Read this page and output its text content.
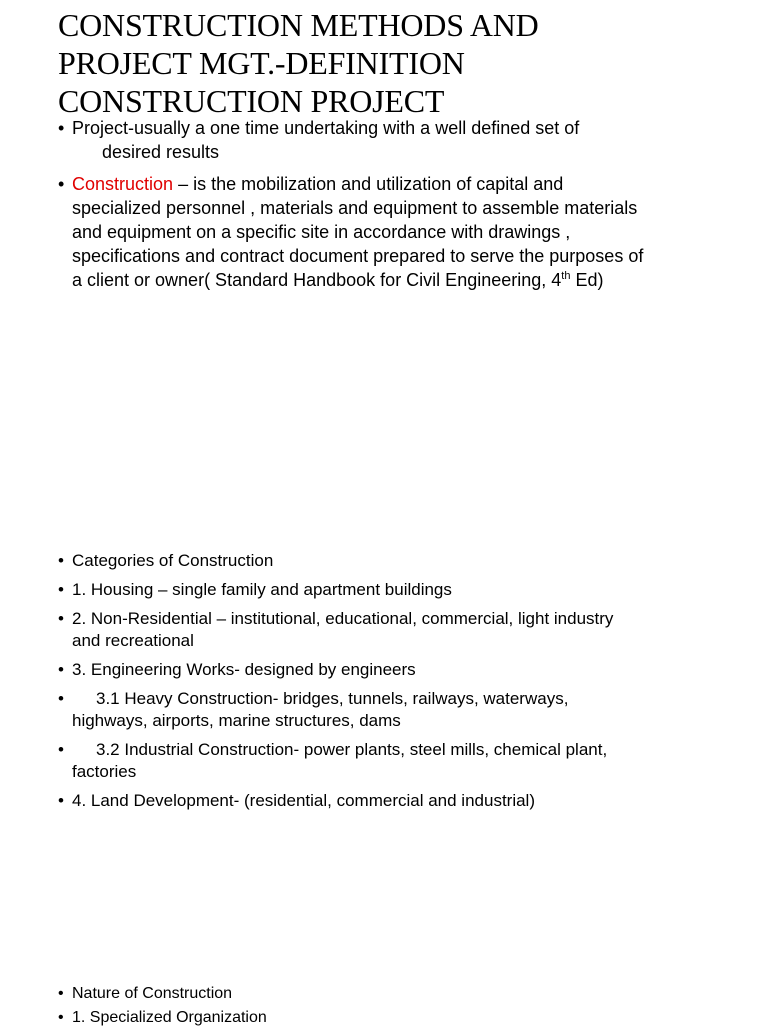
CONSTRUCTION METHODS AND
PROJECT MGT.-DEFINITION
CONSTRUCTION PROJECT
• Project-usually a one time undertaking with a well defined set of
desired results
• Construction – is the mobilization and utilization of capital and
specialized personnel , materials and equipment to assemble materials
and equipment on a specific site in accordance with drawings ,
specifications and contract document prepared to serve the purposes of
a client or owner( Standard Handbook for Civil Engineering, 4th Ed)
• Categories of Construction
• 1. Housing – single family and apartment buildings
• 2. Non-Residential – institutional, educational, commercial, light industry
and recreational
• 3. Engineering Works- designed by engineers
•	3.1 Heavy Construction- bridges, tunnels, railways, waterways,
highways, airports, marine structures, dams
•	3.2 Industrial Construction- power plants, steel mills, chemical plant,
factories
• 4. Land Development- (residential, commercial and industrial)
• Nature of Construction
• 1. Specialized Organization
